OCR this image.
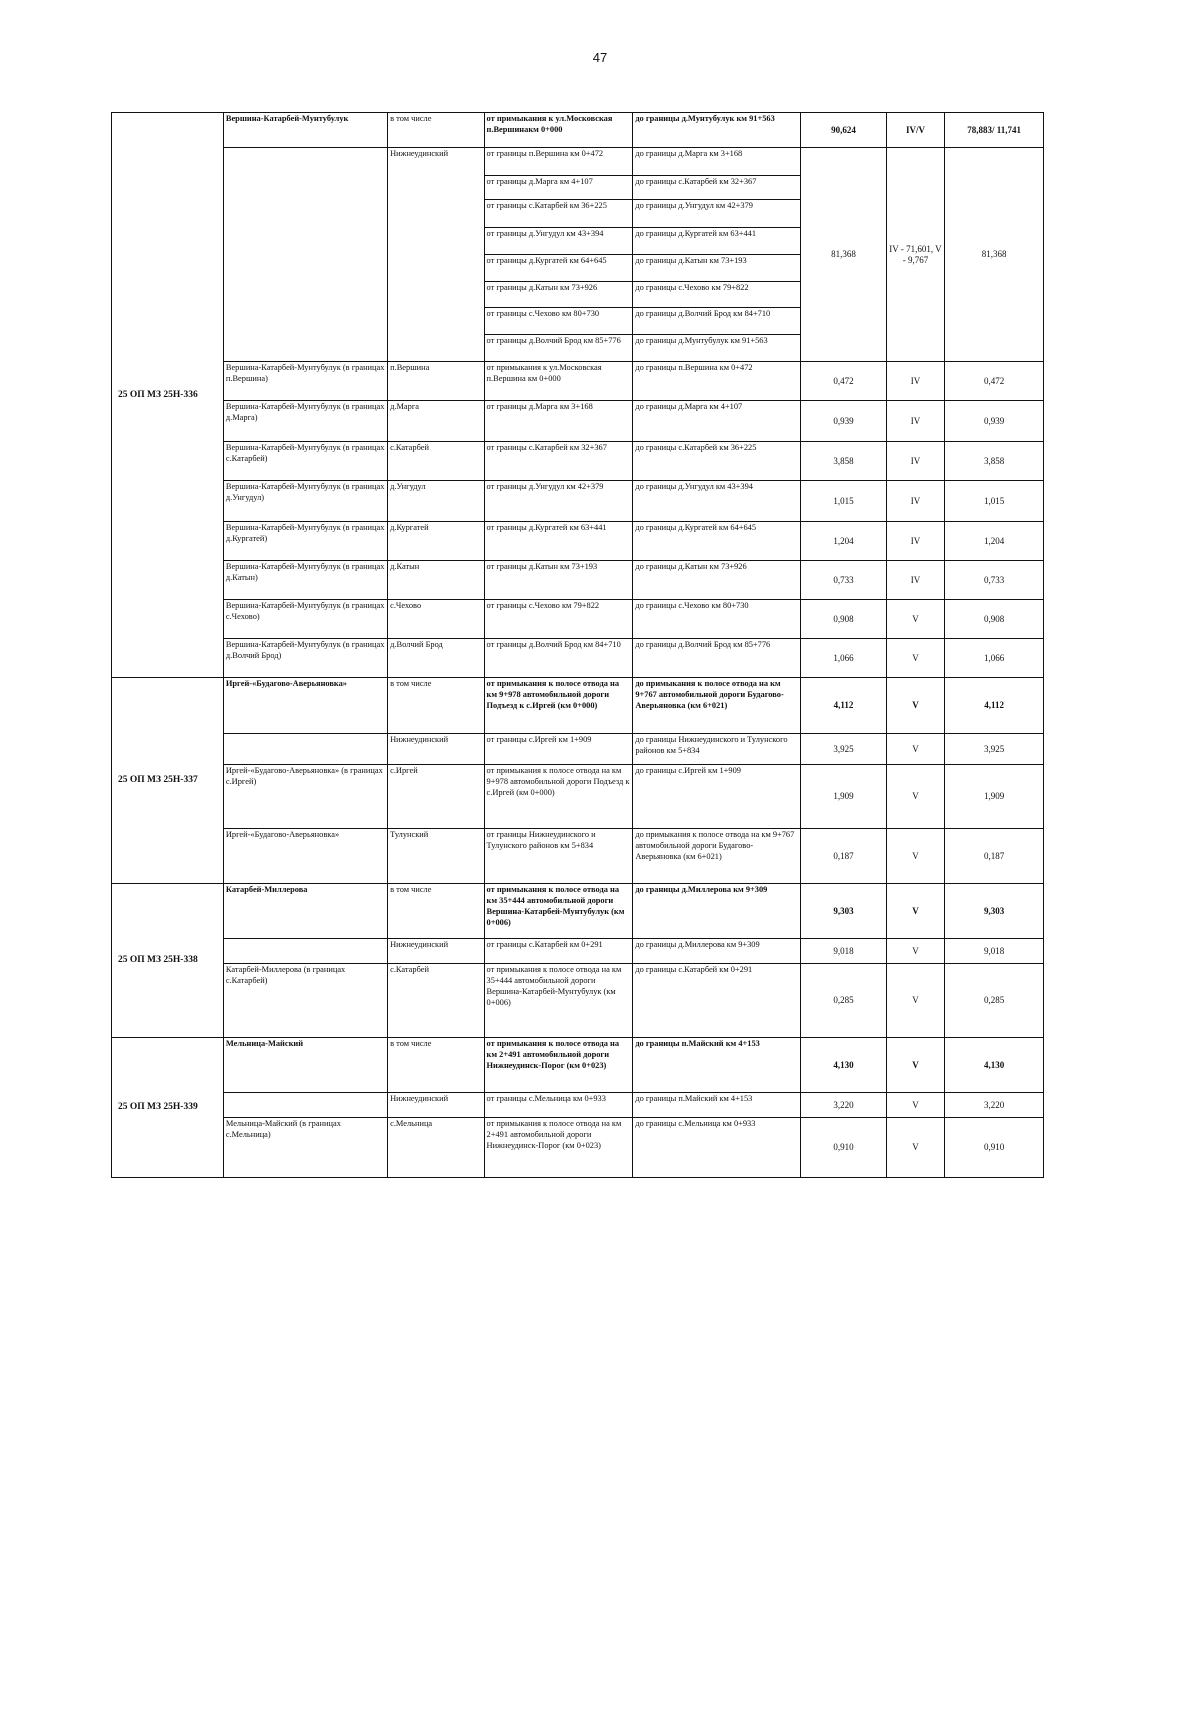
47
25 ОП МЗ 25Н-336	Вершина-Катарбей-Мунтубулук	в том числе	от примыкания к ул.Московская п.Вершинакм 0+000	до границы д.Мунтубулук км 91+563	90,624	IV/V	78,883/ 11,741
		Нижнеудинский	от границы п.Вершина км 0+472	до границы д.Марга км 3+168	81,368	IV - 71,601, V - 9,767	81,368
			от границы д.Марга км 4+107	до границы с.Катарбей км 32+367			
			от границы с.Катарбей км 36+225	до границы д.Унгудул км 42+379			
			от границы д.Унгудул км 43+394	до границы д.Кургатей км 63+441			
			от границы д.Кургатей км 64+645	до границы д.Катын км 73+193			
			от границы д.Катын км 73+926	до границы с.Чехово км 79+822			
			от границы с.Чехово км 80+730	до границы д.Волчий Брод км 84+710			
			от границы д.Волчий Брод км 85+776	до границы д.Мунтубулук км 91+563			
	Вершина-Катарбей-Мунтубулук (в границах п.Вершина)	п.Вершина	от примыкания к ул.Московская п.Вершина км 0+000	до границы п.Вершина км 0+472	0,472	IV	0,472
	Вершина-Катарбей-Мунтубулук (в границах д.Марга)	д.Марга	от границы д.Марга км 3+168	до границы д.Марга км 4+107	0,939	IV	0,939
	Вершина-Катарбей-Мунтубулук (в границах с.Катарбей)	с.Катарбей	от границы с.Катарбей км 32+367	до границы с.Катарбей км 36+225	3,858	IV	3,858
	Вершина-Катарбей-Мунтубулук (в границах д.Унгудул)	д.Унгудул	от границы д.Унгудул км 42+379	до границы д.Унгудул км 43+394	1,015	IV	1,015
	Вершина-Катарбей-Мунтубулук (в границах д.Кургатей)	д.Кургатей	от границы д.Кургатей км 63+441	до границы д.Кургатей км 64+645	1,204	IV	1,204
	Вершина-Катарбей-Мунтубулук (в границах д.Катын)	д.Катын	от границы д.Катын км 73+193	до границы д.Катын км 73+926	0,733	IV	0,733
	Вершина-Катарбей-Мунтубулук (в границах с.Чехово)	с.Чехово	от границы с.Чехово км 79+822	до границы с.Чехово км 80+730	0,908	V	0,908
	Вершина-Катарбей-Мунтубулук (в границах д.Волчий Брод)	д.Волчий Брод	от границы д.Волчий Брод км 84+710	до границы д.Волчий Брод км 85+776	1,066	V	1,066
25 ОП МЗ 25Н-337	Иргей-«Будагово-Аверьяновка»	в том числе	от примыкания к полосе отвода на км 9+978 автомобильной дороги Подъезд к с.Иргей (км 0+000)	до примыкания к полосе отвода на км 9+767 автомобильной дороги Будагово-Аверьяновка (км 6+021)	4,112	V	4,112
		Нижнеудинский	от границы с.Иргей км 1+909	до границы Нижнеудинского и Тулунского районов км 5+834	3,925	V	3,925
	Иргей-«Будагово-Аверьяновка» (в границах с.Иргей)	с.Иргей	от примыкания к полосе отвода на км 9+978 автомобильной дороги Подъезд к с.Иргей (км 0+000)	до границы с.Иргей км 1+909	1,909	V	1,909
	Иргей-«Будагово-Аверьяновка»	Тулунский	от границы Нижнеудинского и Тулунского районов км 5+834	до примыкания к полосе отвода на км 9+767 автомобильной дороги Будагово-Аверьяновка (км 6+021)	0,187	V	0,187
25 ОП МЗ 25Н-338	Катарбей-Миллерова	в том числе	от примыкания к полосе отвода на км 35+444 автомобильной дороги Вершина-Катарбей-Мунтубулук (км 0+006)	до границы д.Миллерова км 9+309	9,303	V	9,303
		Нижнеудинский	от границы с.Катарбей км 0+291	до границы д.Миллерова км 9+309	9,018	V	9,018
	Катарбей-Миллерова (в границах с.Катарбей)	с.Катарбей	от примыкания к полосе отвода на км 35+444 автомобильной дороги Вершина-Катарбей-Мунтубулук (км 0+006)	до границы с.Катарбей км 0+291	0,285	V	0,285
25 ОП МЗ 25Н-339	Мельница-Майский	в том числе	от примыкания к полосе отвода на км 2+491 автомобильной дороги Нижнеудинск-Порог (км 0+023)	до границы п.Майский км 4+153	4,130	V	4,130
		Нижнеудинский	от границы с.Мельница км 0+933	до границы п.Майский км 4+153	3,220	V	3,220
	Мельница-Майский (в границах с.Мельница)	с.Мельница	от примыкания к полосе отвода на км 2+491 автомобильной дороги Нижнеудинск-Порог (км 0+023)	до границы с.Мельница км 0+933	0,910	V	0,910
